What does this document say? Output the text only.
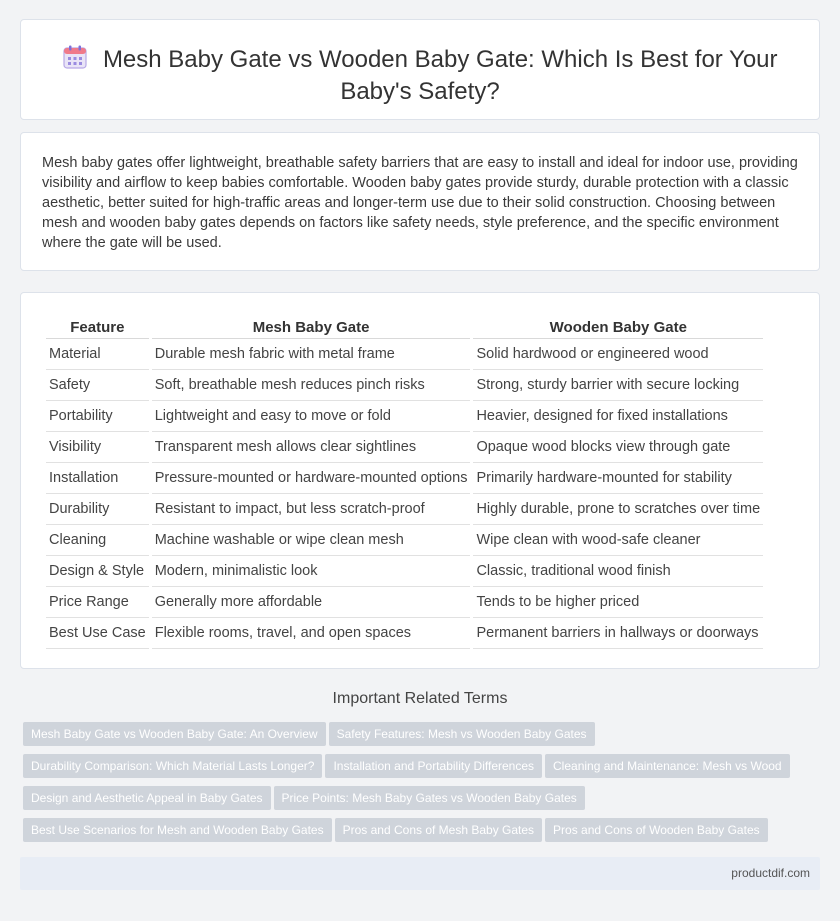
Mesh Baby Gate vs Wooden Baby Gate: Which Is Best for Your Baby's Safety?

Mesh baby gates offer lightweight, breathable safety barriers that are easy to install and ideal for indoor use, providing visibility and airflow to keep babies comfortable. Wooden baby gates provide sturdy, durable protection with a classic aesthetic, better suited for high-traffic areas and longer-term use due to their solid construction. Choosing between mesh and wooden baby gates depends on factors like safety needs, style preference, and the specific environment where the gate will be used.

Feature	Mesh Baby Gate	Wooden Baby Gate
Material	Durable mesh fabric with metal frame	Solid hardwood or engineered wood
Safety	Soft, breathable mesh reduces pinch risks	Strong, sturdy barrier with secure locking
Portability	Lightweight and easy to move or fold	Heavier, designed for fixed installations
Visibility	Transparent mesh allows clear sightlines	Opaque wood blocks view through gate
Installation	Pressure-mounted or hardware-mounted options	Primarily hardware-mounted for stability
Durability	Resistant to impact, but less scratch-proof	Highly durable, prone to scratches over time
Cleaning	Machine washable or wipe clean mesh	Wipe clean with wood-safe cleaner
Design & Style	Modern, minimalistic look	Classic, traditional wood finish
Price Range	Generally more affordable	Tends to be higher priced
Best Use Case	Flexible rooms, travel, and open spaces	Permanent barriers in hallways or doorways
Important Related Terms
Mesh Baby Gate vs Wooden Baby Gate: An Overview Safety Features: Mesh vs Wooden Baby Gates
Durability Comparison: Which Material Lasts Longer? Installation and Portability Differences Cleaning and Maintenance: Mesh vs Wood
Design and Aesthetic Appeal in Baby Gates Price Points: Mesh Baby Gates vs Wooden Baby Gates
Best Use Scenarios for Mesh and Wooden Baby Gates Pros and Cons of Mesh Baby Gates Pros and Cons of Wooden Baby Gates
productdif.com
